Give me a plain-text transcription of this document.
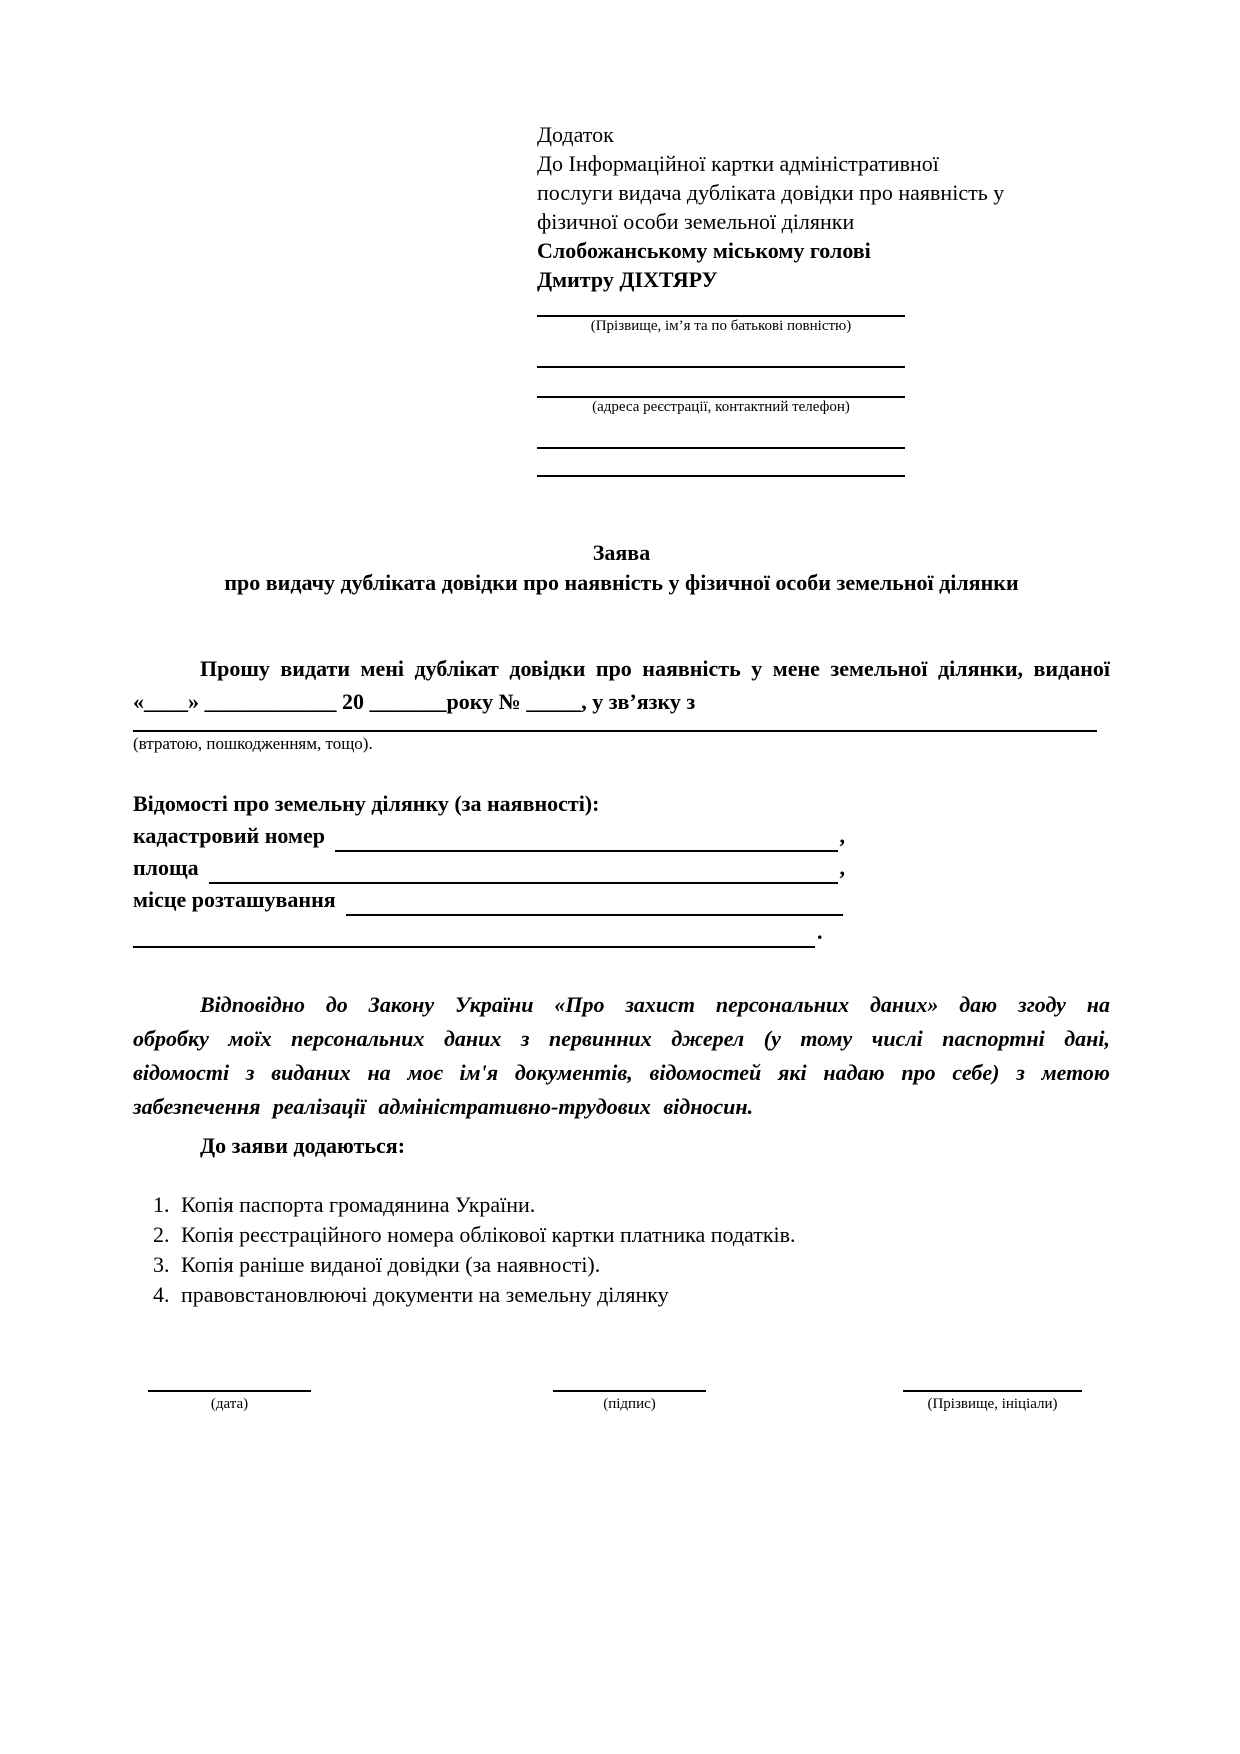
Додаток
До Інформаційної картки адміністративної
послуги видача дубліката довідки про наявність у
фізичної особи земельної ділянки
Слобожанському міському голові
Дмитру ДІХТЯРУ
(Прізвище, ім’я та по батькові повністю)
(адреса реєстрації, контактний телефон)
Заява
про видачу дубліката довідки про наявність у фізичної особи земельної ділянки
Прошу видати мені дублікат довідки про наявність у мене земельної ділянки, виданої
«____» ____________ 20 _______року № _____, у зв’язку з
(втратою, пошкодженням, тощо).
Відомості про земельну ділянку (за наявності):
кадастровий номер	,
площа	,
місце розташування
.
Відповідно до Закону України «Про захист персональних даних» даю згоду на обробку моїх персональних даних з первинних джерел (у тому числі паспортні дані, відомості з виданих на моє ім'я документів, відомостей які надаю про себе) з метою забезпечення реалізації адміністративно-трудових відносин.
До заяви додаються:
1. Копія паспорта громадянина України.
2. Копія реєстраційного номера облікової картки платника податків.
3. Копія раніше виданої довідки (за наявності).
4. правовстановлюючі документи на земельну ділянку
(дата)	(підпис)	(Прізвище, ініціали)
